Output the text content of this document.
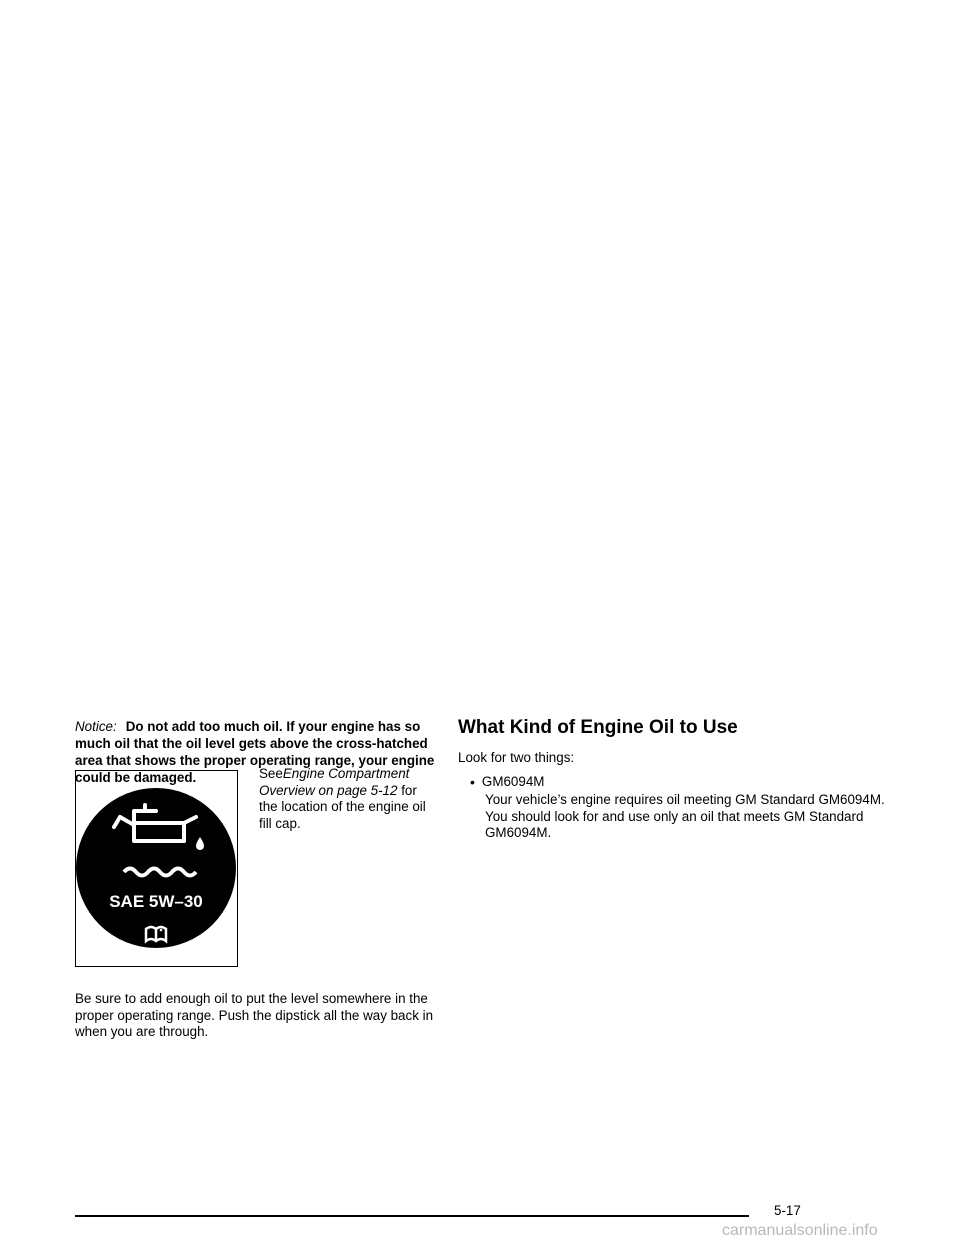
Notice: Do not add too much oil. If your engine has so much oil that the oil level gets above the cross-hatched area that shows the proper operating range, your engine could be damaged.
SAE 5W–30
SeeEngine Compartment Overview on page 5-12 for the location of the engine oil fill cap.
Be sure to add enough oil to put the level somewhere in the proper operating range. Push the dipstick all the way back in when you are through.
What Kind of Engine Oil to Use
Look for two things:
• GM6094M
Your vehicle’s engine requires oil meeting GM Standard GM6094M. You should look for and use only an oil that meets GM Standard GM6094M.
5-17
carmanualsonline.info
